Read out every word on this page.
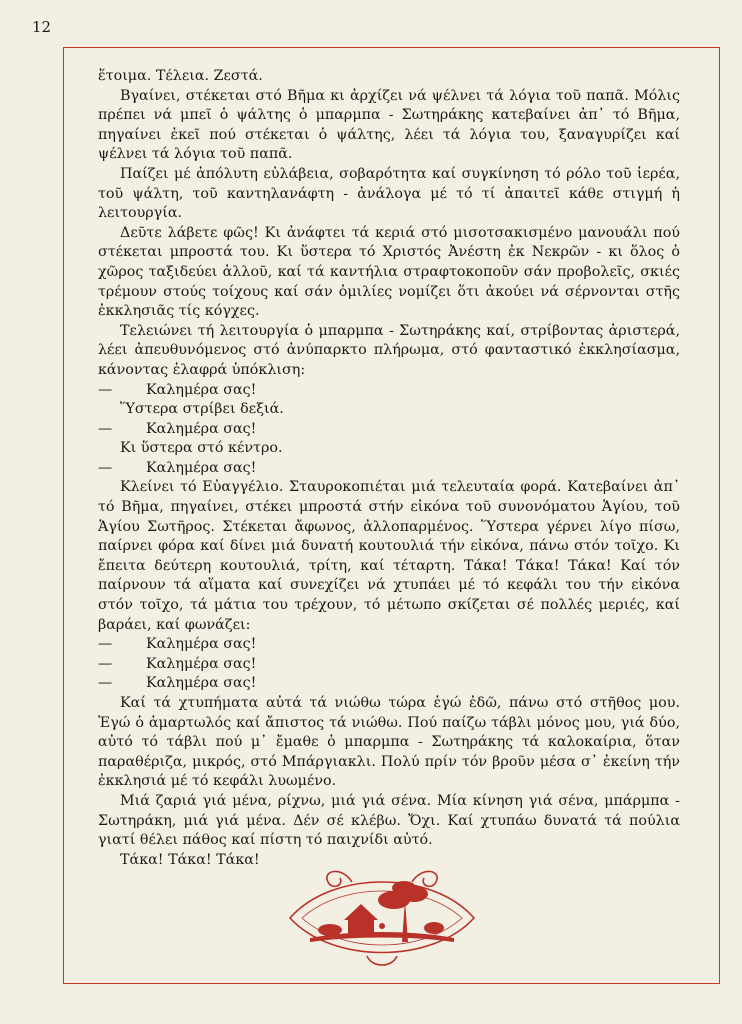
12

ἕτοιμα. Τέλεια. Ζεστά.

Βγαίνει, στέκεται στό Βῆμα κι ἀρχίζει νά ψέλνει τά λόγια τοῦ παπᾶ. Μόλις πρέπει νά μπεῖ ὁ ψάλτης ὁ μπαρμπα - Σωτηράκης κατεβαίνει ἀπ᾿ τό Βῆμα, πηγαίνει ἐκεῖ πού στέκεται ὁ ψάλτης, λέει τά λόγια του, ξαναγυρίζει καί ψέλνει τά λόγια τοῦ παπᾶ.

Παίζει μέ ἀπόλυτη εὐλάβεια, σοβαρότητα καί συγκίνηση τό ρόλο τοῦ ἱερέα, τοῦ ψάλτη, τοῦ καντηλανάφτη - ἀνάλογα μέ τό τί ἀπαιτεῖ κάθε στιγμή ἡ λειτουργία.

Δεῦτε λάβετε φῶς! Κι ἀνάφτει τά κεριά στό μισοτσακισμένο μανουάλι πού στέκεται μπροστά του. Κι ὕστερα τό Χριστός Ἀνέστη ἐκ Νεκρῶν - κι ὅλος ὁ χῶρος ταξιδεύει ἀλλοῦ, καί τά καντήλια στραφτοκοποῦν σάν προβολεῖς, σκιές τρέμουν στούς τοίχους καί σάν ὁμιλίες νομίζει ὅτι ἀκούει νά σέρνονται στῆς ἐκκλησιᾶς τίς κόγχες.

Τελειώνει τή λειτουργία ὁ μπαρμπα - Σωτηράκης καί, στρίβοντας ἀριστερά, λέει ἀπευθυνόμενος στό ἀνύπαρκτο πλήρωμα, στό φανταστικό ἐκκλησίασμα, κάνοντας ἐλαφρά ὑπόκλιση:

—	Καλημέρα σας!

Ὕστερα στρίβει δεξιά.

—	Καλημέρα σας!

Κι ὕστερα στό κέντρο.

—	Καλημέρα σας!

Κλείνει τό Εὐαγγέλιο. Σταυροκοπιέται μιά τελευταία φορά. Κατεβαίνει ἀπ᾿ τό Βῆμα, πηγαίνει, στέκει μπροστά στήν εἰκόνα τοῦ συνονόματου Ἁγίου, τοῦ Ἁγίου Σωτῆρος. Στέκεται ἄφωνος, ἀλλοπαρμένος. Ὕστερα γέρνει λίγο πίσω, παίρνει φόρα καί δίνει μιά δυνατή κουτουλιά τήν εἰκόνα, πάνω στόν τοῖχο. Κι ἔπειτα δεύτερη κουτουλιά, τρίτη, καί τέταρτη. Τάκα! Τάκα! Τάκα! Καί τόν παίρνουν τά αἵματα καί συνεχίζει νά χτυπάει μέ τό κεφάλι του τήν εἰκόνα στόν τοῖχο, τά μάτια του τρέχουν, τό μέτωπο σκίζεται σέ πολλές μεριές, καί βαράει, καί φωνάζει:

—	Καλημέρα σας!
—	Καλημέρα σας!
—	Καλημέρα σας!

Καί τά χτυπήματα αὐτά τά νιώθω τώρα ἐγώ ἐδῶ, πάνω στό στῆθος μου. Ἐγώ ὁ ἁμαρτωλός καί ἄπιστος τά νιώθω. Πού παίζω τάβλι μόνος μου, γιά δύο, αὐτό τό τάβλι πού μ᾿ ἔμαθε ὁ μπαρμπα - Σωτηράκης τά καλοκαίρια, ὅταν παραθέριζα, μικρός, στό Μπάργιακλι. Πολύ πρίν τόν βροῦν μέσα σ᾿ ἐκείνη τήν ἐκκλησιά μέ τό κεφάλι λυωμένο.

Μιά ζαριά γιά μένα, ρίχνω, μιά γιά σένα. Μία κίνηση γιά σένα, μπάρμπα - Σωτηράκη, μιά γιά μένα. Δέν σέ κλέβω. Ὄχι. Καί χτυπάω δυνατά τά πούλια γιατί θέλει πάθος καί πίστη τό παιχνίδι αὐτό.

Τάκα! Τάκα! Τάκα!
